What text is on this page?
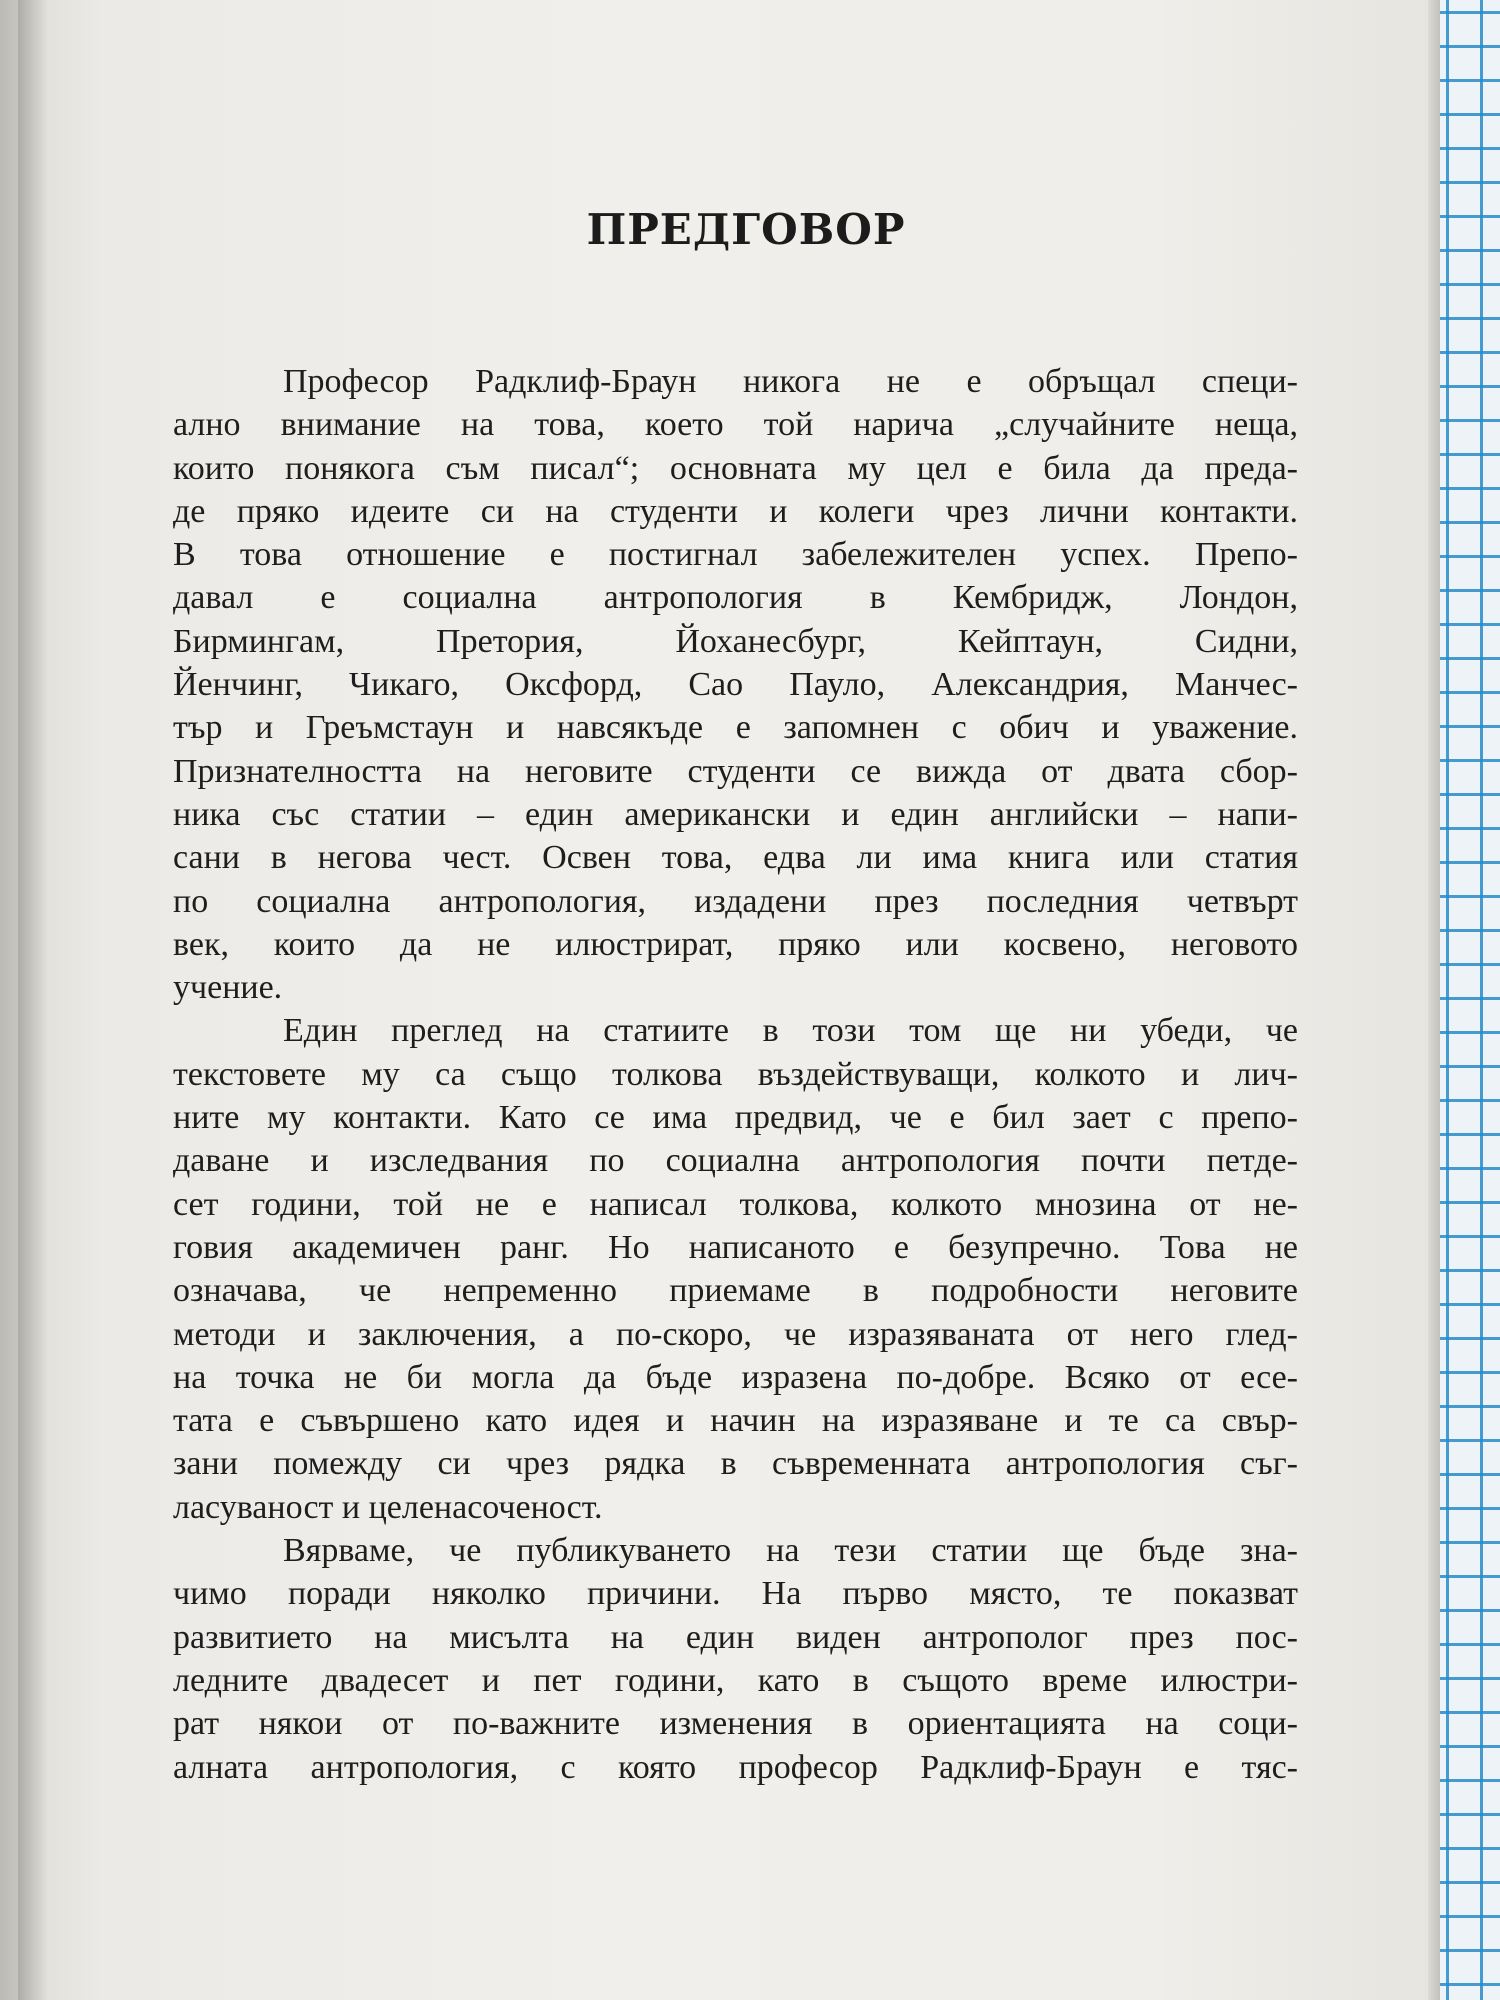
ПРЕДГОВОР
Професор Радклиф-Браун никога не е обръщал специ-
ално внимание на това, което той нарича „случайните неща,
които понякога съм писал“; основната му цел е била да преда-
де пряко идеите си на студенти и колеги чрез лични контакти.
В това отношение е постигнал забележителен успех. Препо-
давал е социална антропология в Кембридж, Лондон,
Бирмингам, Претория, Йоханесбург, Кейптаун, Сидни,
Йенчинг, Чикаго, Оксфорд, Сао Пауло, Александрия, Манчес-
тър и Греъмстаун и навсякъде е запомнен с обич и уважение.
Признателността на неговите студенти се вижда от двата сбор-
ника със статии – един американски и един английски – напи-
сани в негова чест. Освен това, едва ли има книга или статия
по социална антропология, издадени през последния четвърт
век, които да не илюстрират, пряко или косвено, неговото
учение.
Един преглед на статиите в този том ще ни убеди, че
текстовете му са също толкова въздействуващи, колкото и лич-
ните му контакти. Като се има предвид, че е бил зает с препо-
даване и изследвания по социална антропология почти петде-
сет години, той не е написал толкова, колкото мнозина от не-
говия академичен ранг. Но написаното е безупречно. Това не
означава, че непременно приемаме в подробности неговите
методи и заключения, а по-скоро, че изразяваната от него глед-
на точка не би могла да бъде изразена по-добре. Всяко от есе-
тата е съвършено като идея и начин на изразяване и те са свър-
зани помежду си чрез рядка в съвременната антропология съг-
ласуваност и целенасоченост.
Вярваме, че публикуването на тези статии ще бъде зна-
чимо поради няколко причини. На първо място, те показват
развитието на мисълта на един виден антрополог през пос-
ледните двадесет и пет години, като в същото време илюстри-
рат някои от по-важните изменения в ориентацията на соци-
алната антропология, с която професор Радклиф-Браун е тяс-
